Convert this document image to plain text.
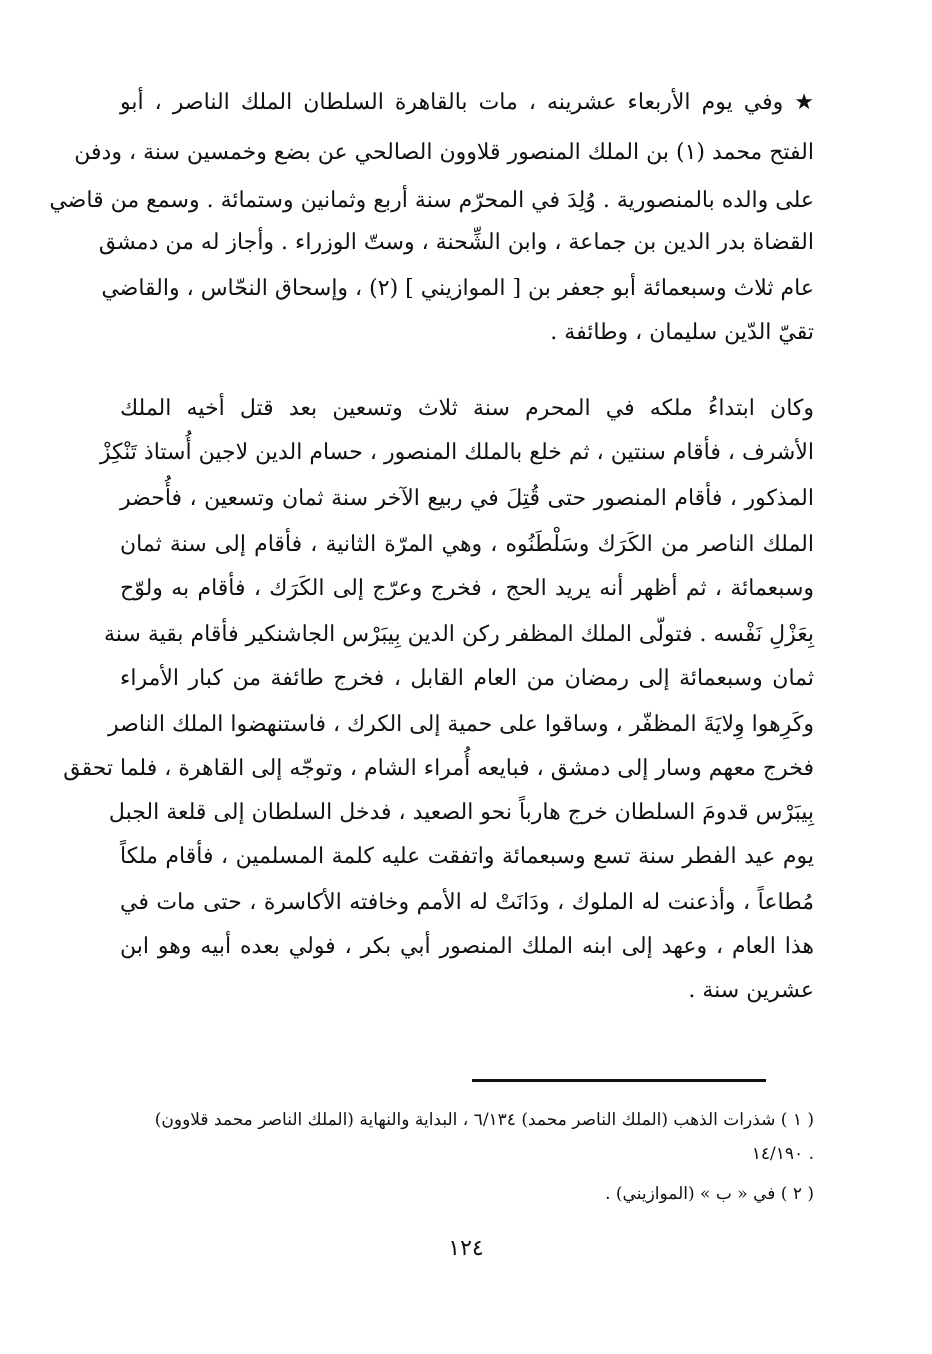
★ وفي يوم الأربعاء عشرينه ، مات بالقاهرة السلطان الملك الناصر ، أبو
الفتح محمد (١) بن الملك المنصور قلاوون الصالحي عن بضع وخمسين سنة ، ودفن
على والده بالمنصورية . وُلِدَ في المحرّم سنة أربع وثمانين وستمائة . وسمع من قاضي
القضاة بدر الدين بن جماعة ، وابن الشِّحنة ، وستّ الوزراء . وأجاز له من دمشق
عام ثلاث وسبعمائة أبو جعفر بن [ الموازيني ] (٢) ، وإسحاق النحّاس ، والقاضي
تقيّ الدّين سليمان ، وطائفة .
وكان ابتداءُ ملكه في المحرم سنة ثلاث وتسعين بعد قتل أخيه الملك
الأشرف ، فأقام سنتين ، ثم خلع بالملك المنصور ، حسام الدين لاجين أُستاذ تَنْكِزْ
المذكور ، فأقام المنصور حتى قُتِلَ في ربيع الآخر سنة ثمان وتسعين ، فأُحضر
الملك الناصر من الكَرَك وسَلْطَنُوه ، وهي المرّة الثانية ، فأقام إلى سنة ثمان
وسبعمائة ، ثم أظهر أنه يريد الحج ، فخرج وعرّج إلى الكَرَك ، فأقام به ولوّح
بِعَزْلِ نَفْسه . فتولّى الملك المظفر ركن الدين بِيبَرْس الجاشنكير فأقام بقية سنة
ثمان وسبعمائة إلى رمضان من العام القابل ، فخرج طائفة من كبار الأمراء
وكَرِهوا وِلايَةَ المظفّر ، وساقوا على حمية إلى الكرك ، فاستنهضوا الملك الناصر
فخرج معهم وسار إلى دمشق ، فبايعه أُمراء الشام ، وتوجّه إلى القاهرة ، فلما تحقق
بِيبَرْس قدومَ السلطان خرج هارباً نحو الصعيد ، فدخل السلطان إلى قلعة الجبل
يوم عيد الفطر سنة تسع وسبعمائة واتفقت عليه كلمة المسلمين ، فأقام ملكاً
مُطاعاً ، وأذعنت له الملوك ، ودَانَتْ له الأمم وخافته الأكاسرة ، حتى مات في
هذا العام ، وعهد إلى ابنه الملك المنصور أبي بكر ، فولي بعده أبيه وهو ابن
عشرين سنة .
( ١ ) شذرات الذهب (الملك الناصر محمد) ٦/١٣٤ ، البداية والنهاية (الملك الناصر محمد قلاوون)
١٤/١٩٠ .
( ٢ ) في « ب » (الموازيني) .
١٢٤
